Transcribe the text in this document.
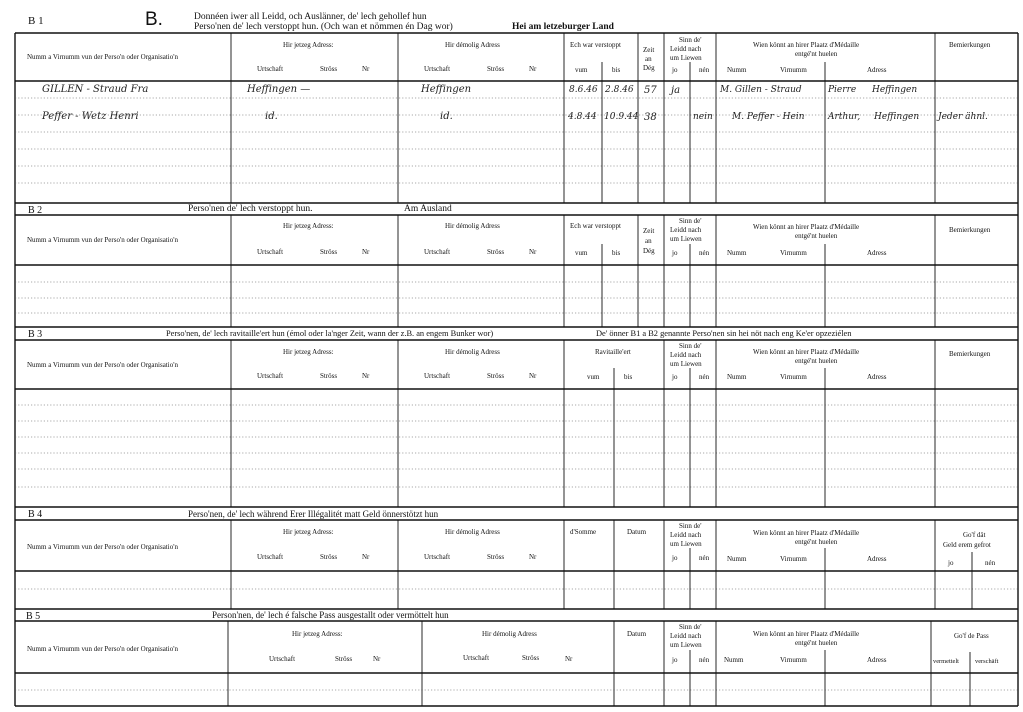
B 1	B.	Donnéen iwer all Leidd, och Auslänner, de' lech gehollef hun
Perso'nen de' lech verstoppt hun. (Och wan et nömmen én Dag wor)	Hei am letzeburger Land
Numm a Virnumm vun der Perso'n oder Organisatio'n
Hir jetzeg Adress:
Urtschaft	Ströss	Nr
Hir démolig Adress
Urtschaft	Ströss	Nr
Ech war verstoppt
vum	bis
Zeit
an
Dég
Sinn de'
Leidd nach
um Liewen
jo	nén
Wien könnt an hirer Plaatz d'Médaille
entgé'nt huelen
Numm	Virnumm	Adress
Bemierkungen
GILLEN - Straud Fra	Heffingen —	Heffingen	8.6.46 2.8.46 57 ja	M. Gillen - Straud	Pierre Heffingen
Peffer - Wetz Henri	id.	id.	4.8.44 10.9.44 38	nein M. Peffer - Hein	Arthur, Heffingen Jeder ähnl.
B 2	Perso'nen de' lech verstoppt hun.	Am Ausland
Numm a Virnumm vun der Perso'n oder Organisatio'n
Hir jetzeg Adress:
Urtschaft	Ströss	Nr
Hir démolig Adress
Urtschaft	Ströss	Nr
Ech war verstoppt
vum	bis
Zeit
an
Dég
Sinn de'
Leidd nach
um Liewen
jo	nén
Wien könnt an hirer Plaatz d'Médaille
entgé'nt huelen
Numm	Virnumm	Adress
Bemierkungen
B 3	Perso'nen, de' lech ravitaille'ert hun (émol oder la'nger Zeit, wann der z.B. an engem Bunker wor)	De' önner B1 a B2 genannte Perso'nen sin hei nöt nach eng Ke'er opzeziélen
Numm a Virnumm vun der Perso'n oder Organisatio'n
Hir jetzeg Adress:
Urtschaft	Ströss	Nr
Hir démolig Adress
Urtschaft	Ströss	Nr
Ravitaille'ert
vum	bis
Sinn de'
Leidd nach
um Liewen
jo	nén
Wien könnt an hirer Plaatz d'Médaille
entgé'nt huelen
Numm	Virnumm	Adress
Bemierkungen
B 4	Perso'nen, de' lech während Erer Illégalitét matt Geld önnerstötzt hun
Numm a Virnumm vun der Perso'n oder Organisatio'n
Hir jetzeg Adress:
Urtschaft	Ströss	Nr
Hir démolig Adress
Urtschaft	Ströss	Nr
d'Somme	Datum
Sinn de'
Leidd nach
um Liewen
jo	nén
Wien könnt an hirer Plaatz d'Médaille
entgé'nt huelen
Numm	Virnumm	Adress
Go'f dät
Geld erem gefrot
jo	nén
B 5	Person'nen, de' lech é falsche Pass ausgestallt oder vermöttelt hun
Numm a Virnumm vun der Perso'n oder Organisatio'n
Hir jetzeg Adress:
Urtschaft	Ströss	Nr
Hir démolig Adress
Urtschaft	Ströss	Nr
Datum
Sinn de'
Leidd nach
um Liewen
jo	nén
Wien könnt an hirer Plaatz d'Médaille
entgé'nt huelen
Numm	Virnumm	Adress
Go'f de Pass
vermettelt	verschäft
